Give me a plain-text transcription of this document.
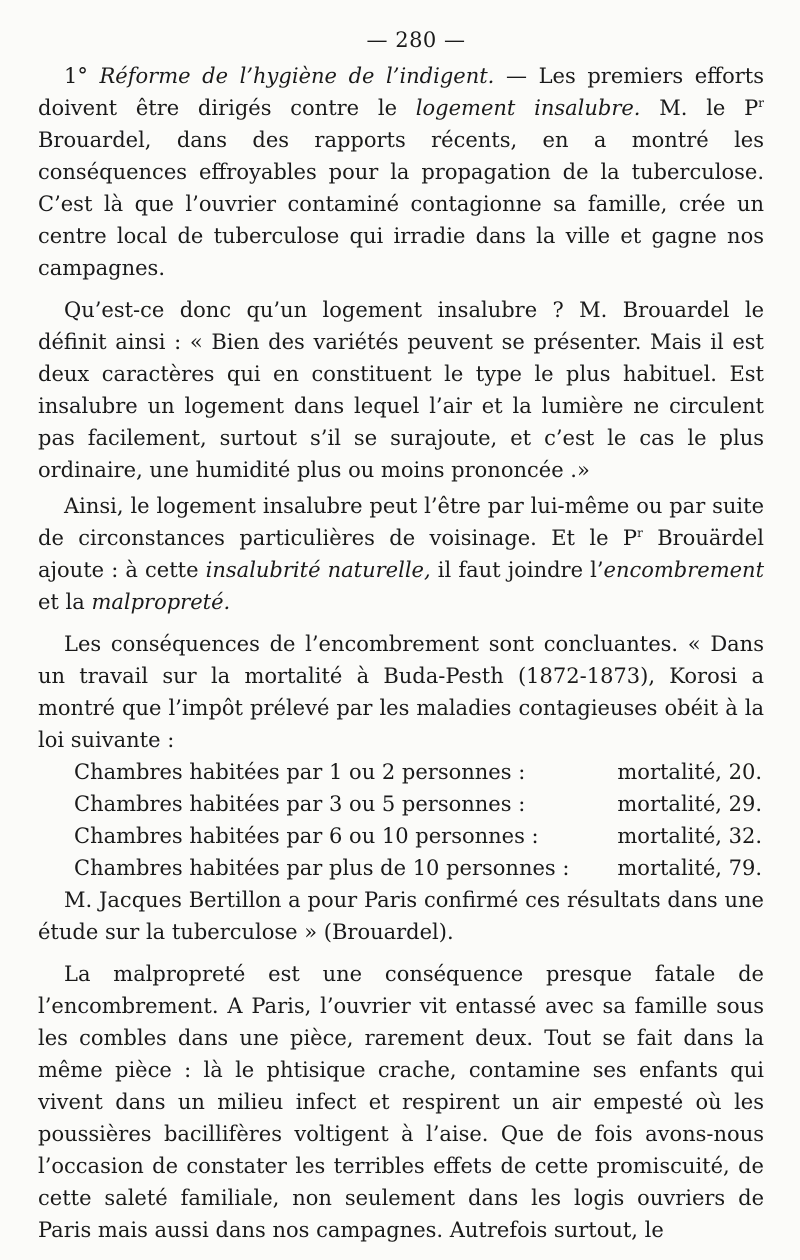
— 280 —

1° Réforme de l’hygiène de l’indigent. — Les premiers efforts doivent être dirigés contre le logement insalubre. M. le $P^r$ Brouardel, dans des rapports récents, en a montré les conséquences effroyables pour la propagation de la tuberculose. C’est là que l’ouvrier contaminé contagionne sa famille, crée un centre local de tuberculose qui irradie dans la ville et gagne nos campagnes.

Qu’est-ce donc qu’un logement insalubre ? M. Brouardel le définit ainsi : « Bien des variétés peuvent se présenter. Mais il est deux caractères qui en constituent le type le plus habituel. Est insalubre un logement dans lequel l’air et la lumière ne circulent pas facilement, surtout s’il se surajoute, et c’est le cas le plus ordinaire, une humidité plus ou moins prononcée .»

Ainsi, le logement insalubre peut l’être par lui-même ou par suite de circonstances particulières de voisinage. Et le $P^r$ Brouärdel ajoute : à cette insalubrité naturelle, il faut joindre l’encombrement et la malpropreté.

Les conséquences de l’encombrement sont concluantes. « Dans un travail sur la mortalité à Buda-Pesth (1872-1873), Korosi a montré que l’impôt prélevé par les maladies contagieuses obéit à la loi suivante :

Chambres habitées par 1 ou 2 personnes :	mortalité, 20.
Chambres habitées par 3 ou 5 personnes :	mortalité, 29.
Chambres habitées par 6 ou 10 personnes :	mortalité, 32.
Chambres habitées par plus de 10 personnes :	mortalité, 79.

M. Jacques Bertillon a pour Paris confirmé ces résultats dans une étude sur la tuberculose » (Brouardel).

La malpropreté est une conséquence presque fatale de l’encombrement. A Paris, l’ouvrier vit entassé avec sa famille sous les combles dans une pièce, rarement deux. Tout se fait dans la même pièce : là le phtisique crache, contamine ses enfants qui vivent dans un milieu infect et respirent un air empesté où les poussières bacillifères voltigent à l’aise. Que de fois avons-nous l’occasion de constater les terribles effets de cette promiscuité, de cette saleté familiale, non seulement dans les logis ouvriers de Paris mais aussi dans nos campagnes. Autrefois surtout, le
